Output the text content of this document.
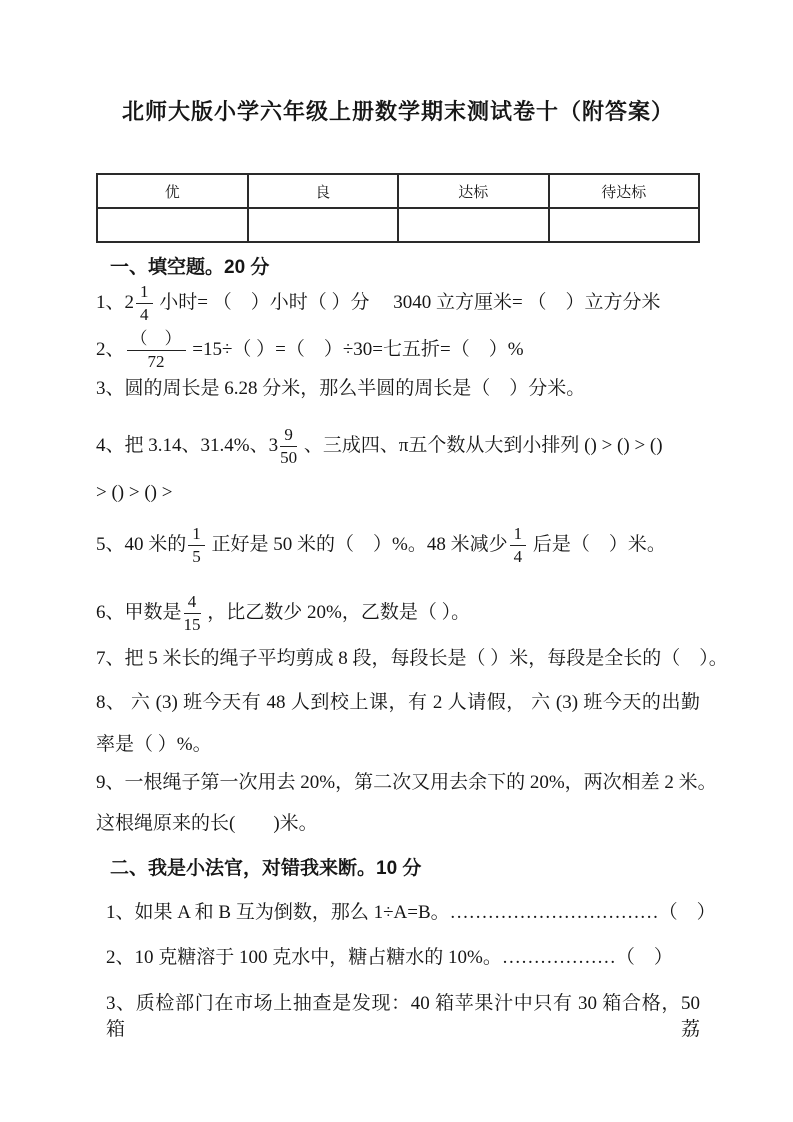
北师大版小学六年级上册数学期末测试卷十（附答案）
优	良	达标	待达标

一、填空题。20 分
1、$2 \frac{1}{4}$ 小时= （　）小时（ ）分　 3040 立方厘米= （　）立方分米
2、 $\frac{( )}{72} =15\div$（ ）=（　）÷30=七五折=（　）%
3、圆的周长是 6.28 分米，那么半圆的周长是（　）分米。
4、把 3.14、31.4%、$3 \frac{9}{50}$ 、三成四、π五个数从大到小排列 () > () > ()
> () > () >
5、40 米的 $\frac{1}{5}$ 正好是 50 米的（　）%。48 米减少 $\frac{1}{4}$ 后是（　）米。
6、甲数是 $\frac{4}{15}$ ，比乙数少 20%，乙数是（ ）。
7、把 5 米长的绳子平均剪成 8 段，每段长是（ ）米，每段是全长的（　）。
8、 六 (3) 班今天有 48 人到校上课，有 2 人请假， 六 (3) 班今天的出勤
率是（ ）%。
9、一根绳子第一次用去 20%，第二次又用去余下的 20%，两次相差 2 米。
这根绳原来的长(　　)米。
二、我是小法官，对错我来断。10 分
1、如果 A 和 B 互为倒数，那么 1÷A=B。……………………………（　）
2、10 克糖溶于 100 克水中，糖占糖水的 10%。………………（　）
3、质检部门在市场上抽查是发现：40 箱苹果汁中只有 30 箱合格，50 箱荔
